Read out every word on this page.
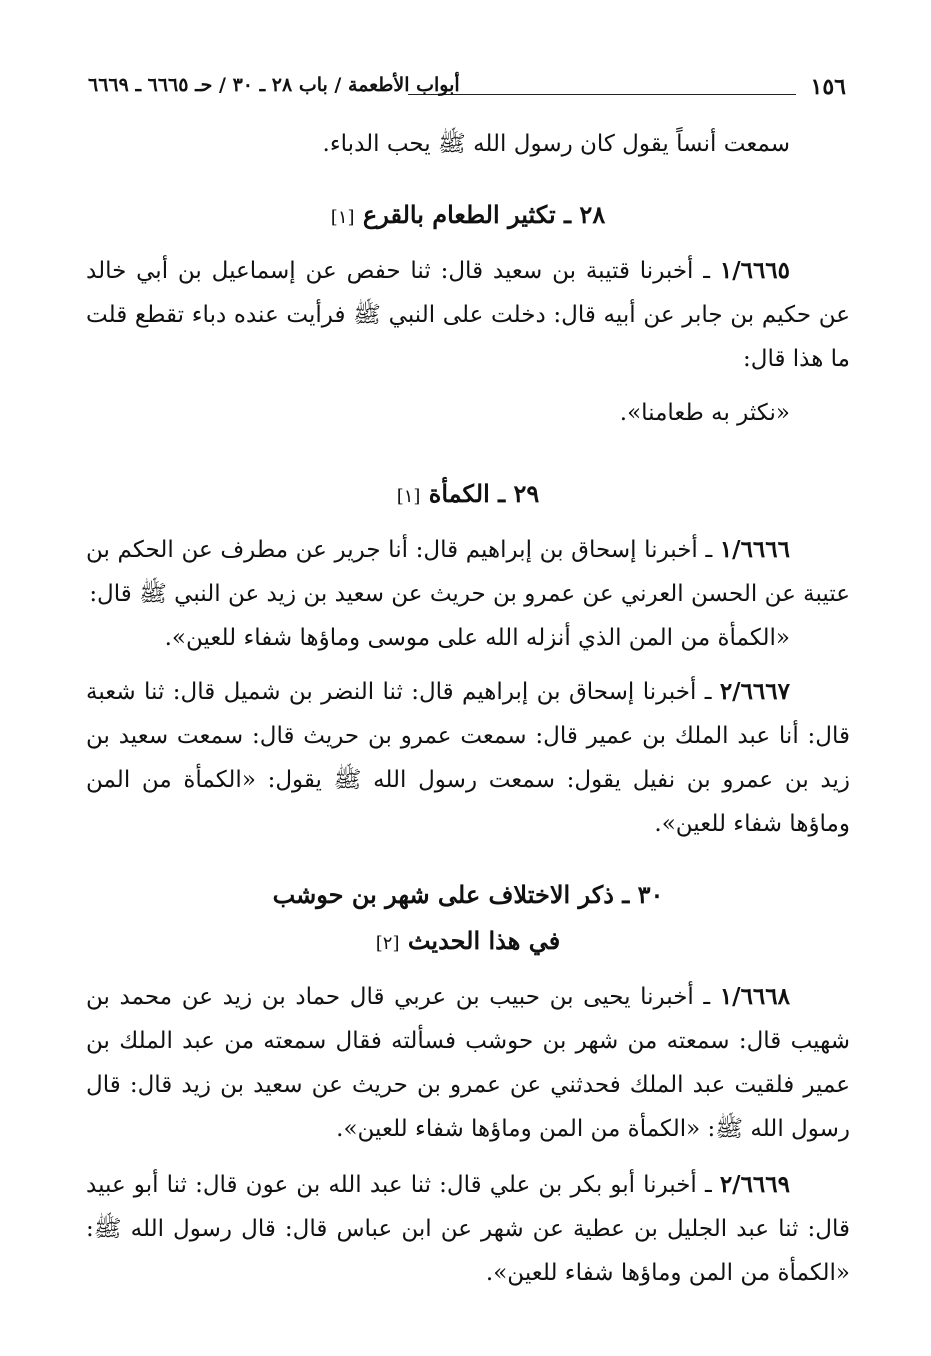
١٥٦
أبواب الأطعمة / باب ٢٨ ـ ٣٠ / حـ ٦٦٦٥ ـ ٦٦٦٩

سمعت أنساً يقول كان رسول الله ﷺ يحب الدباء.

٢٨ ـ تكثير الطعام بالقرع [١]

١/٦٦٦٥ ـ أخبرنا قتيبة بن سعيد قال: ثنا حفص عن إسماعيل بن أبي خالد عن حكيم بن جابر عن أبيه قال: دخلت على النبي ﷺ فرأيت عنده دباء تقطع قلت ما هذا قال:

«نكثر به طعامنا».

٢٩ ـ الكمأة [١]

١/٦٦٦٦ ـ أخبرنا إسحاق بن إبراهيم قال: أنا جرير عن مطرف عن الحكم بن عتيبة عن الحسن العرني عن عمرو بن حريث عن سعيد بن زيد عن النبي ﷺ قال:

«الكمأة من المن الذي أنزله الله على موسى وماؤها شفاء للعين».

٢/٦٦٦٧ ـ أخبرنا إسحاق بن إبراهيم قال: ثنا النضر بن شميل قال: ثنا شعبة قال: أنا عبد الملك بن عمير قال: سمعت عمرو بن حريث قال: سمعت سعيد بن زيد بن عمرو بن نفيل يقول: سمعت رسول الله ﷺ يقول: «الكمأة من المن وماؤها شفاء للعين».

٣٠ ـ ذكر الاختلاف على شهر بن حوشب

في هذا الحديث [٢]

١/٦٦٦٨ ـ أخبرنا يحيى بن حبيب بن عربي قال حماد بن زيد عن محمد بن شهيب قال: سمعته من شهر بن حوشب فسألته فقال سمعته من عبد الملك بن عمير فلقيت عبد الملك فحدثني عن عمرو بن حريث عن سعيد بن زيد قال: قال رسول الله ﷺ: «الكمأة من المن وماؤها شفاء للعين».

٢/٦٦٦٩ ـ أخبرنا أبو بكر بن علي قال: ثنا عبد الله بن عون قال: ثنا أبو عبيد قال: ثنا عبد الجليل بن عطية عن شهر عن ابن عباس قال: قال رسول الله ﷺ: «الكمأة من المن وماؤها شفاء للعين».
